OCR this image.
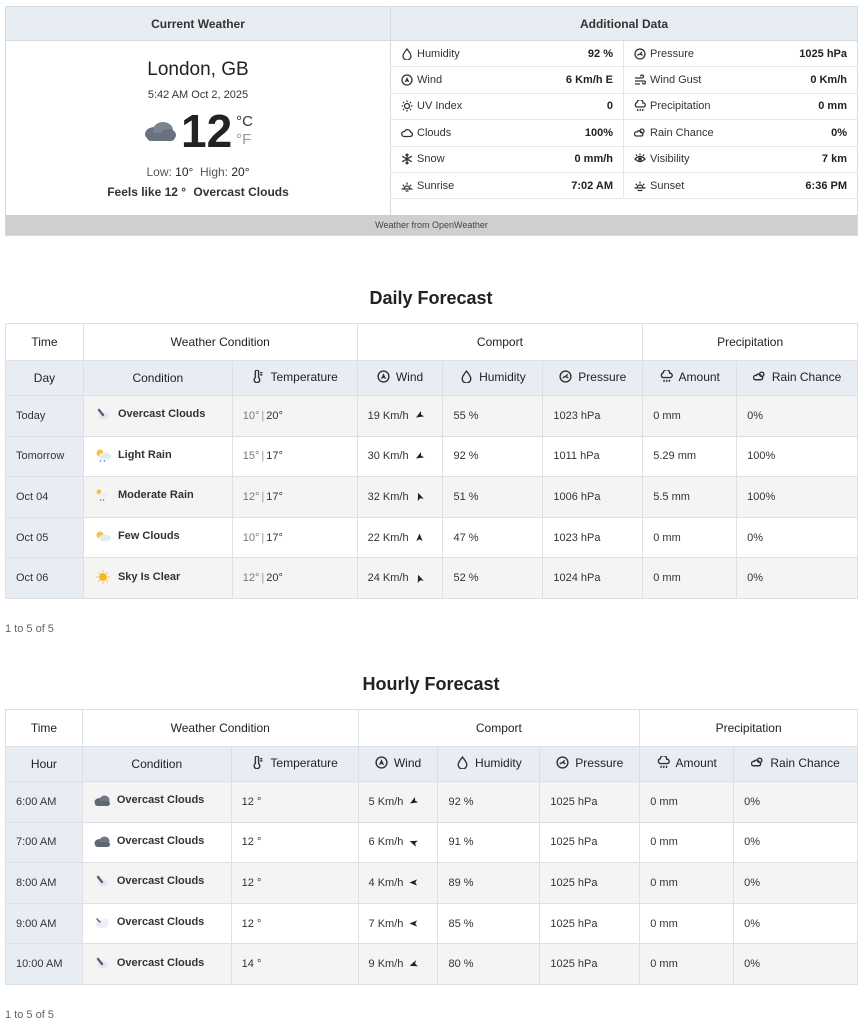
Current Weather
London, GB
5:42 AM Oct 2, 2025
12 °C
°F
Low: 10° High: 20°
Feels like 12 ° Overcast Clouds
Additional Data
Humidity	92 %	Pressure	1025 hPa
Wind	6 Km/h E	Wind Gust	0 Km/h
UV Index	0	Precipitation	0 mm
Clouds	100%	Rain Chance	0%
Snow	0 mm/h	Visibility	7 km
Sunrise	7:02 AM	Sunset	6:36 PM
Weather from OpenWeather
Daily Forecast
Time	Weather Condition		Comport			Precipitation	

Day	Condition	Temperature	Wind	Humidity	Pressure	Amount	Rain Chance

Today	Overcast Clouds	10° | 20°	19 Km/h	55 %	1023 hPa	0 mm	0%
Tomorrow	Light Rain	15° | 17°	30 Km/h	92 %	1011 hPa	5.29 mm	100%
Oct 04	Moderate Rain	12° | 17°	32 Km/h	51 %	1006 hPa	5.5 mm	100%
Oct 05	Few Clouds	10° | 17°	22 Km/h	47 %	1023 hPa	0 mm	0%
Oct 06	Sky Is Clear	12° | 20°	24 Km/h	52 %	1024 hPa	0 mm	0%
1 to 5 of 5
Hourly Forecast
Time	Weather Condition		Comport			Precipitation	

Hour	Condition	Temperature	Wind	Humidity	Pressure	Amount	Rain Chance

6:00 AM	Overcast Clouds	12 °	5 Km/h	92 %	1025 hPa	0 mm	0%
7:00 AM	Overcast Clouds	12 °	6 Km/h	91 %	1025 hPa	0 mm	0%
8:00 AM	Overcast Clouds	12 °	4 Km/h	89 %	1025 hPa	0 mm	0%
9:00 AM	Overcast Clouds	12 °	7 Km/h	85 %	1025 hPa	0 mm	0%
10:00 AM	Overcast Clouds	14 °	9 Km/h	80 %	1025 hPa	0 mm	0%
1 to 5 of 5
